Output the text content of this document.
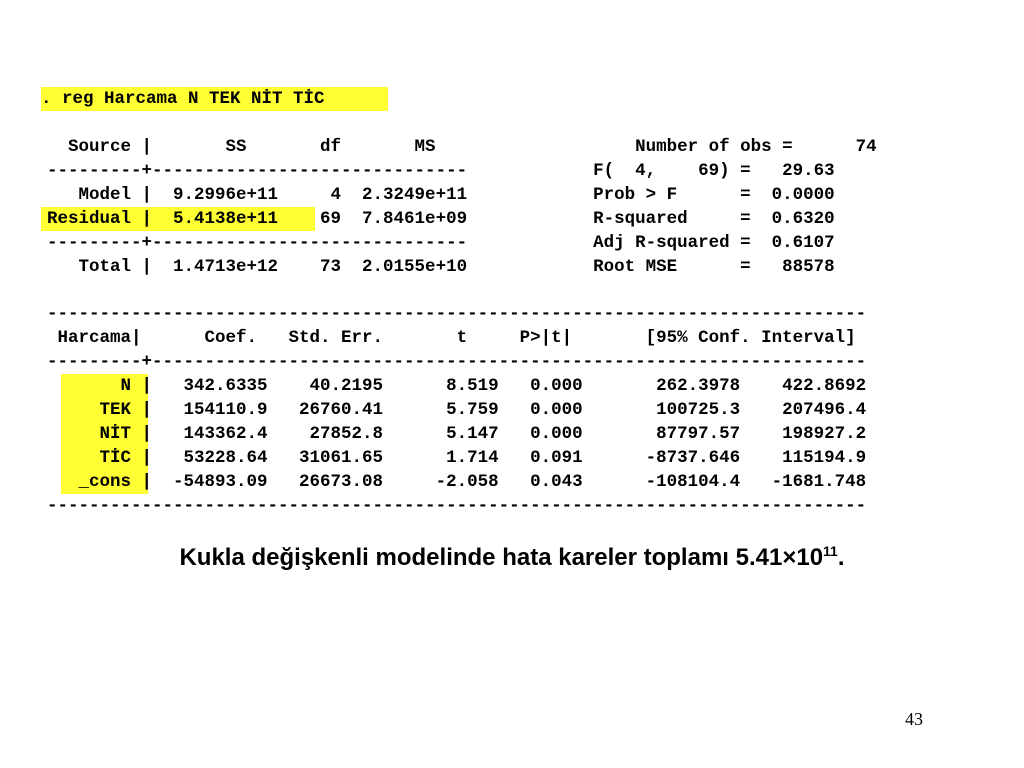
. reg Harcama N TEK NİT TİC
Source |       SS       df       MS                   Number of obs =      74
---------+------------------------------            F(  4,    69) =   29.63
Model |  9.2996e+11     4  2.3249e+11            Prob > F      =  0.0000
Residual |  5.4138e+11    69  7.8461e+09            R-squared     =  0.6320
---------+------------------------------            Adj R-squared =  0.6107
Total |  1.4713e+12    73  2.0155e+10            Root MSE      =   88578
------------------------------------------------------------------------------
Harcama|      Coef.   Std. Err.       t     P>|t|       [95% Conf. Interval]
---------+--------------------------------------------------------------------
N |   342.6335    40.2195      8.519   0.000       262.3978    422.8692
TEK |   154110.9   26760.41      5.759   0.000       100725.3    207496.4
NİT |   143362.4    27852.8      5.147   0.000       87797.57    198927.2
TİC |   53228.64   31061.65      1.714   0.091      -8737.646    115194.9
_cons |  -54893.09   26673.08     -2.058   0.043      -108104.4   -1681.748
------------------------------------------------------------------------------
Kukla değişkenli modelinde hata kareler toplamı $5.41\times 10^{11}$.
43
